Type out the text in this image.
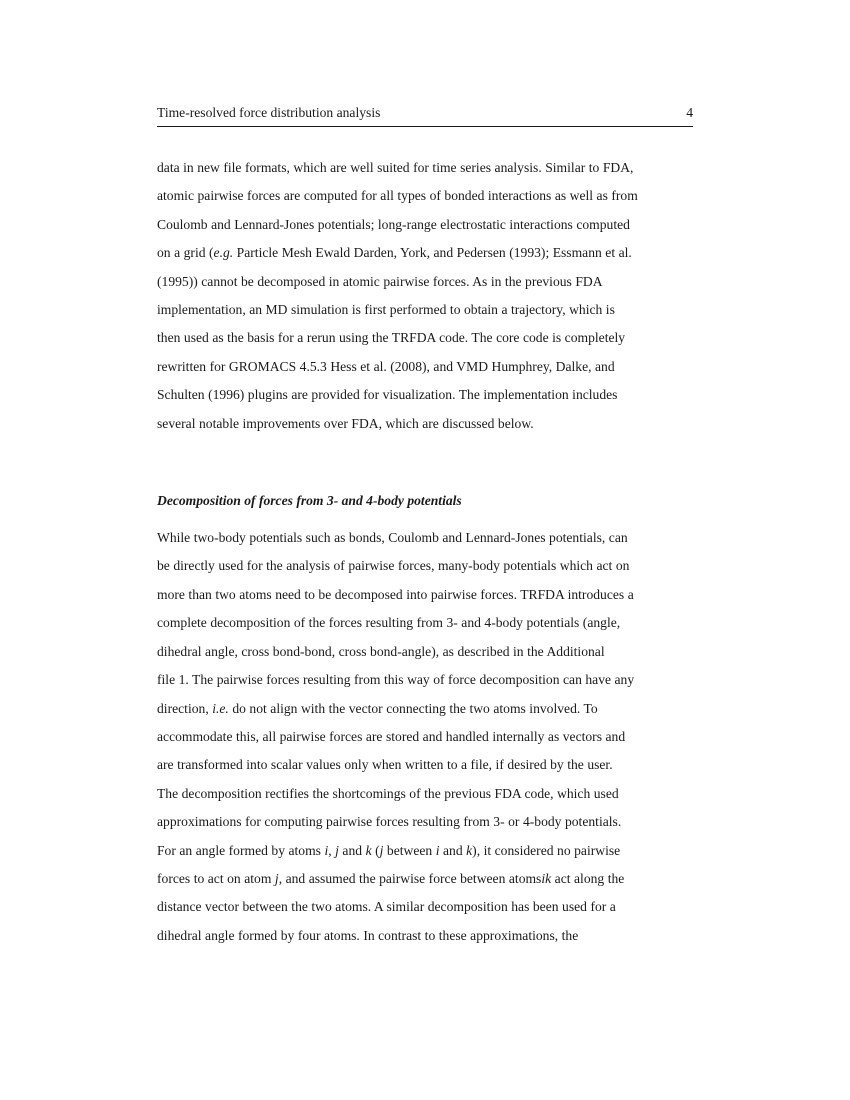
Time-resolved force distribution analysis	4

data in new file formats, which are well suited for time series analysis. Similar to FDA,
atomic pairwise forces are computed for all types of bonded interactions as well as from
Coulomb and Lennard-Jones potentials; long-range electrostatic interactions computed
on a grid (e.g. Particle Mesh Ewald Darden, York, and Pedersen (1993); Essmann et al.
(1995)) cannot be decomposed in atomic pairwise forces. As in the previous FDA
implementation, an MD simulation is first performed to obtain a trajectory, which is
then used as the basis for a rerun using the TRFDA code. The core code is completely
rewritten for GROMACS 4.5.3 Hess et al. (2008), and VMD Humphrey, Dalke, and
Schulten (1996) plugins are provided for visualization. The implementation includes
several notable improvements over FDA, which are discussed below.

Decomposition of forces from 3- and 4-body potentials

While two-body potentials such as bonds, Coulomb and Lennard-Jones potentials, can
be directly used for the analysis of pairwise forces, many-body potentials which act on
more than two atoms need to be decomposed into pairwise forces. TRFDA introduces a
complete decomposition of the forces resulting from 3- and 4-body potentials (angle,
dihedral angle, cross bond-bond, cross bond-angle), as described in the Additional
file 1. The pairwise forces resulting from this way of force decomposition can have any
direction, i.e. do not align with the vector connecting the two atoms involved. To
accommodate this, all pairwise forces are stored and handled internally as vectors and
are transformed into scalar values only when written to a file, if desired by the user.
The decomposition rectifies the shortcomings of the previous FDA code, which used
approximations for computing pairwise forces resulting from 3- or 4-body potentials.
For an angle formed by atoms i, j and k (j between i and k), it considered no pairwise
forces to act on atom j, and assumed the pairwise force between atomsik act along the
distance vector between the two atoms. A similar decomposition has been used for a
dihedral angle formed by four atoms. In contrast to these approximations, the
